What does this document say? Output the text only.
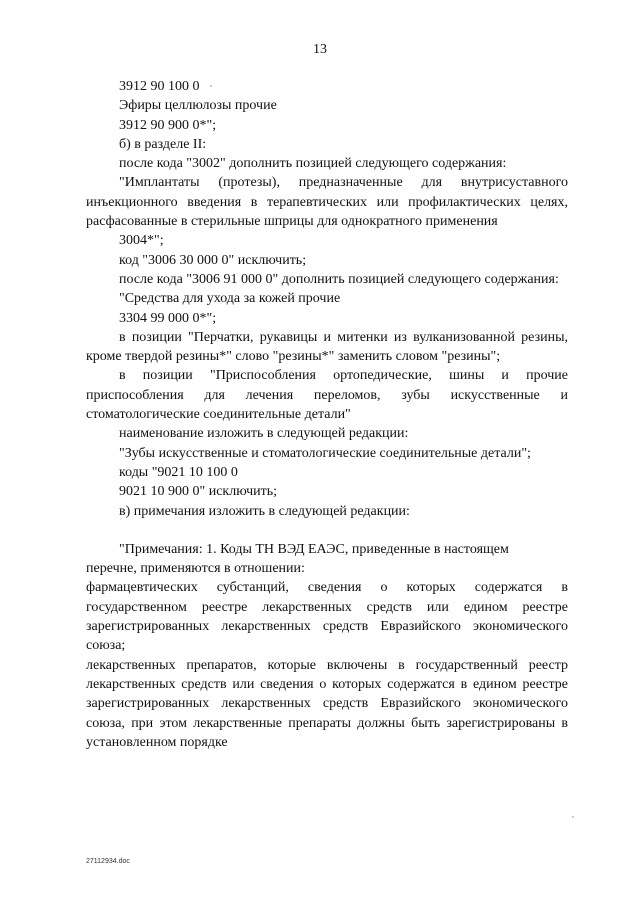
13

3912 90 100 0

Эфиры целлюлозы прочие

3912 90 900 0*";

б) в разделе II:

после кода "3002" дополнить позицией следующего содержания:

"Имплантаты (протезы), предназначенные для внутрисуставного инъекционного введения в терапевтических или профилактических целях, расфасованные в стерильные шприцы для однократного применения

3004*";

код "3006 30 000 0" исключить;

после кода "3006 91 000 0" дополнить позицией следующего содержания:

"Средства для ухода за кожей прочие

3304 99 000 0*";

в позиции "Перчатки, рукавицы и митенки из вулканизованной резины, кроме твердой резины*" слово "резины*" заменить словом "резины";

в позиции "Приспособления ортопедические, шины и прочие приспособления для лечения переломов, зубы искусственные и стоматологические соединительные детали"

наименование изложить в следующей редакции:

"Зубы искусственные и стоматологические соединительные детали";

коды "9021 10 100 0

9021 10 900 0" исключить;

в) примечания изложить в следующей редакции:

"Примечания: 1. Коды ТН ВЭД ЕАЭС, приведенные в настоящем

перечне, применяются в отношении:

фармацевтических субстанций, сведения о которых содержатся в государственном реестре лекарственных средств или едином реестре зарегистрированных лекарственных средств Евразийского экономического союза;

лекарственных препаратов, которые включены в государственный реестр лекарственных средств или сведения о которых содержатся в едином реестре зарегистрированных лекарственных средств Евразийского экономического союза, при этом лекарственные препараты должны быть зарегистрированы в установленном порядке

27112934.doc
